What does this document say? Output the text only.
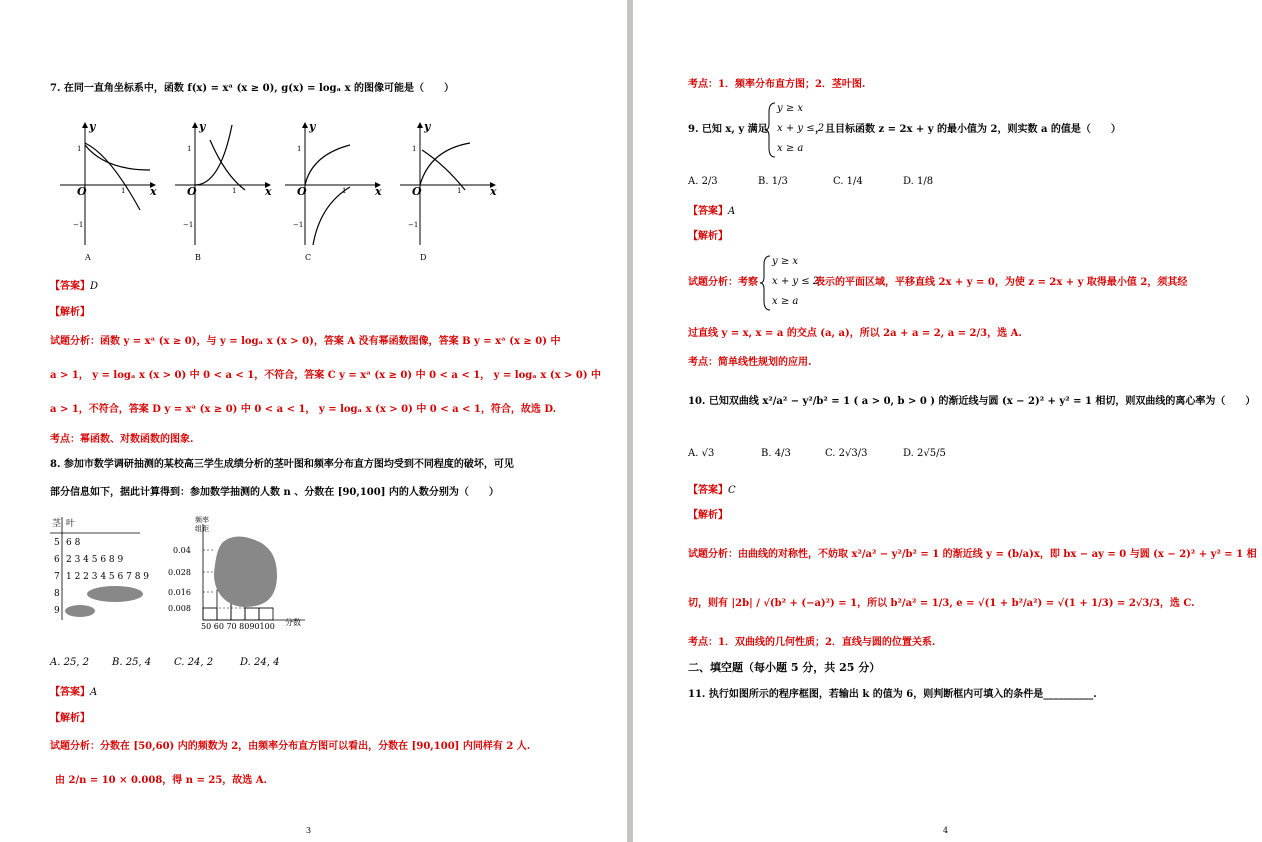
7. 在同一直角坐标系中，函数 f(x) = xᵃ (x ≥ 0), g(x) = logₐ x 的图像可能是（　　）
y
x
O
1
1
−1
A
y
x
O
1
1
−1
B
y
x
O
1
1
−1
C
y
x
O
1
1
−1
D
【答案】D
【解析】
试题分析：函数 y = xᵃ (x ≥ 0)，与 y = logₐ x (x > 0)，答案 A 没有幂函数图像，答案 B y = xᵃ (x ≥ 0) 中
a > 1， y = logₐ x (x > 0) 中 0 < a < 1，不符合，答案 C y = xᵃ (x ≥ 0) 中 0 < a < 1， y = logₐ x (x > 0) 中
a > 1，不符合，答案 D y = xᵃ (x ≥ 0) 中 0 < a < 1， y = logₐ x (x > 0) 中 0 < a < 1，符合，故选 D.
考点：幂函数、对数函数的图象.
8. 参加市数学调研抽测的某校高三学生成绩分析的茎叶图和频率分布直方图均受到不同程度的破坏，可见
部分信息如下，据此计算得到：参加数学抽测的人数 n 、分数在 [90,100] 内的人数分别为（　　）
茎 叶
5 6 8
6 2 3 4 5 6 8 9
7 1 2 2 3 4 5 6 7 8 9
8
9
频率
组距
0.04
0.028
0.016
0.008
50 60 70 8090100 分数
A. 25, 2 B. 25, 4 C. 24, 2	D. 24, 4
【答案】A
【解析】
试题分析：分数在 [50,60) 内的频数为 2，由频率分布直方图可以看出，分数在 [90,100] 内同样有 2 人.
由 2/n = 10 × 0.008，得 n = 25，故选 A.
3
考点：1．频率分布直方图；2．茎叶图.
9. 已知 x, y 满足
y ≥ x
x + y ≤ 2
x ≥ a
，且目标函数 z = 2x + y 的最小值为 2，则实数 a 的值是（　　）
A. 2/3	B. 1/3	C. 1/4	D. 1/8
【答案】A
【解析】
试题分析：考察
y ≥ x
x + y ≤ 2
x ≥ a
表示的平面区域，平移直线 2x + y = 0，为使 z = 2x + y 取得最小值 2，须其经
过直线 y = x, x = a 的交点 (a, a)，所以 2a + a = 2, a = 2/3，选 A.
考点：简单线性规划的应用.
10. 已知双曲线 x²/a² − y²/b² = 1 ( a > 0, b > 0 ) 的渐近线与圆 (x − 2)² + y² = 1 相切，则双曲线的离心率为（　　）
A. √3	B. 4/3	C. 2√3/3	D. 2√5/5
【答案】C
【解析】
试题分析：由曲线的对称性，不妨取 x²/a² − y²/b² = 1 的渐近线 y = (b/a)x，即 bx − ay = 0 与圆 (x − 2)² + y² = 1 相
切，则有 |2b| / √(b² + (−a)²) = 1，所以 b²/a² = 1/3, e = √(1 + b²/a²) = √(1 + 1/3) = 2√3/3，选 C.
考点：1．双曲线的几何性质；2．直线与圆的位置关系.
二、填空题（每小题 5 分，共 25 分）
11. 执行如图所示的程序框图，若输出 k 的值为 6，则判断框内可填入的条件是__________.
4
